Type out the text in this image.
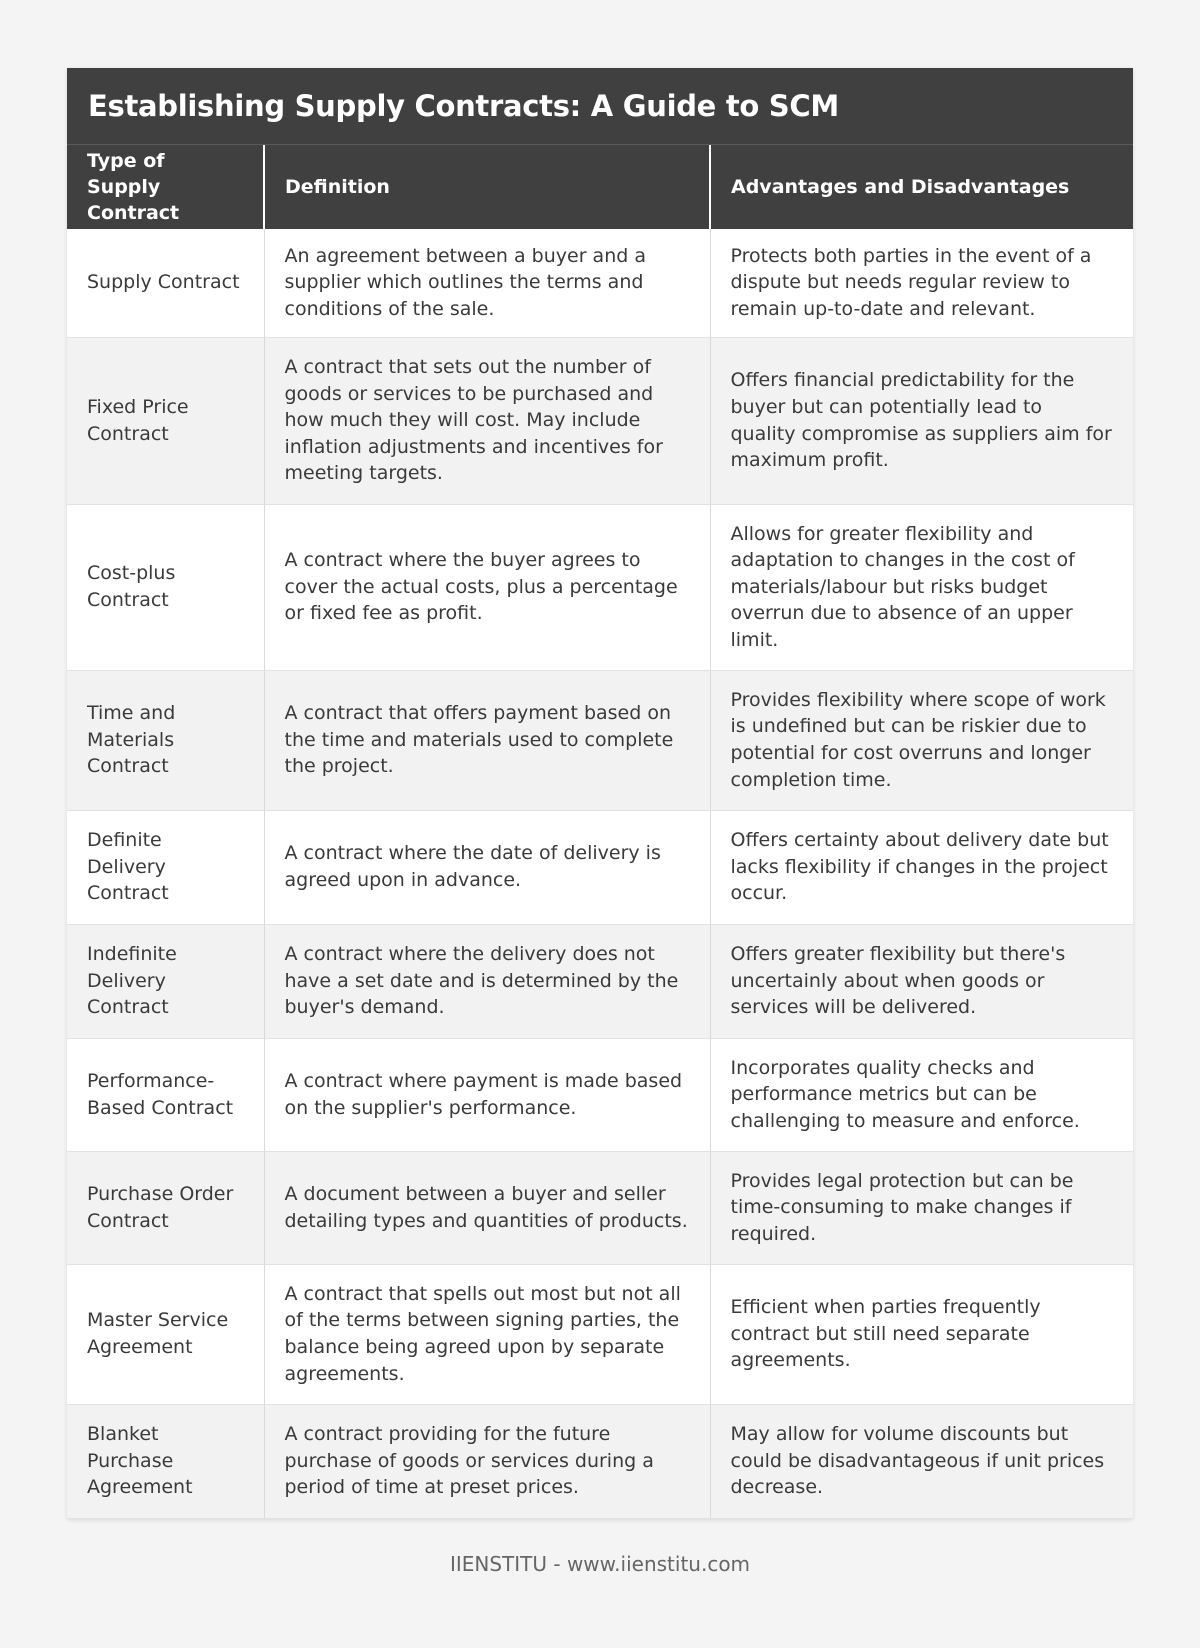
Establishing Supply Contracts: A Guide to SCM
Type of Supply Contract	Definition	Advantages and Disadvantages
Supply Contract	An agreement between a buyer and a supplier which outlines the terms and conditions of the sale.	Protects both parties in the event of a dispute but needs regular review to remain up-to-date and relevant.
Fixed Price Contract	A contract that sets out the number of goods or services to be purchased and how much they will cost. May include inflation adjustments and incentives for meeting targets.	Offers financial predictability for the buyer but can potentially lead to quality compromise as suppliers aim for maximum profit.
Cost-plus Contract	A contract where the buyer agrees to cover the actual costs, plus a percentage or fixed fee as profit.	Allows for greater flexibility and adaptation to changes in the cost of materials/labour but risks budget overrun due to absence of an upper limit.
Time and Materials Contract	A contract that offers payment based on the time and materials used to complete the project.	Provides flexibility where scope of work is undefined but can be riskier due to potential for cost overruns and longer completion time.
Definite Delivery Contract	A contract where the date of delivery is agreed upon in advance.	Offers certainty about delivery date but lacks flexibility if changes in the project occur.
Indefinite Delivery Contract	A contract where the delivery does not have a set date and is determined by the buyer's demand.	Offers greater flexibility but there's uncertainly about when goods or services will be delivered.
Performance-Based Contract	A contract where payment is made based on the supplier's performance.	Incorporates quality checks and performance metrics but can be challenging to measure and enforce.
Purchase Order Contract	A document between a buyer and seller detailing types and quantities of products.	Provides legal protection but can be time-consuming to make changes if required.
Master Service Agreement	A contract that spells out most but not all of the terms between signing parties, the balance being agreed upon by separate agreements.	Efficient when parties frequently contract but still need separate agreements.
Blanket Purchase Agreement	A contract providing for the future purchase of goods or services during a period of time at preset prices.	May allow for volume discounts but could be disadvantageous if unit prices decrease.
IIENSTITU - www.iienstitu.com
